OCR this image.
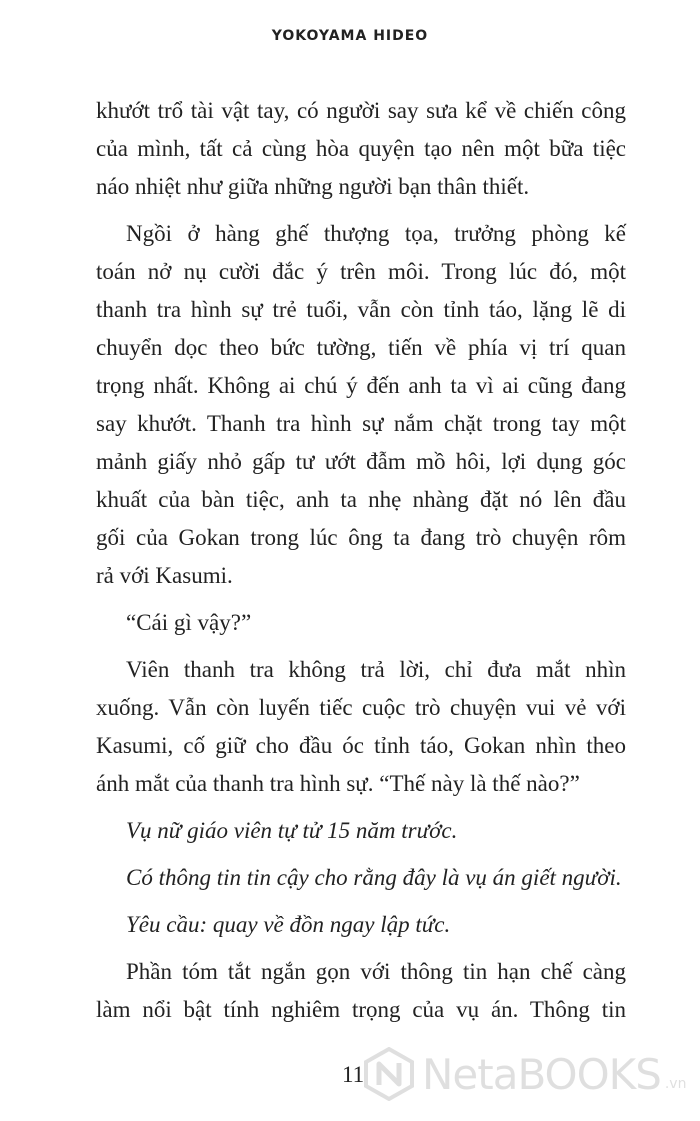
YOKOYAMA HIDEO

khướt trổ tài vật tay, có người say sưa kể về chiến công
của mình, tất cả cùng hòa quyện tạo nên một bữa tiệc
náo nhiệt như giữa những người bạn thân thiết.

Ngồi ở hàng ghế thượng tọa, trưởng phòng kế
toán nở nụ cười đắc ý trên môi. Trong lúc đó, một
thanh tra hình sự trẻ tuổi, vẫn còn tỉnh táo, lặng lẽ di
chuyển dọc theo bức tường, tiến về phía vị trí quan
trọng nhất. Không ai chú ý đến anh ta vì ai cũng đang
say khướt. Thanh tra hình sự nắm chặt trong tay một
mảnh giấy nhỏ gấp tư ướt đẫm mồ hôi, lợi dụng góc
khuất của bàn tiệc, anh ta nhẹ nhàng đặt nó lên đầu
gối của Gokan trong lúc ông ta đang trò chuyện rôm
rả với Kasumi.

“Cái gì vậy?”

Viên thanh tra không trả lời, chỉ đưa mắt nhìn
xuống. Vẫn còn luyến tiếc cuộc trò chuyện vui vẻ với
Kasumi, cố giữ cho đầu óc tỉnh táo, Gokan nhìn theo
ánh mắt của thanh tra hình sự. “Thế này là thế nào?”

Vụ nữ giáo viên tự tử 15 năm trước.

Có thông tin tin cậy cho rằng đây là vụ án giết người.

Yêu cầu: quay về đồn ngay lập tức.

Phần tóm tắt ngắn gọn với thông tin hạn chế càng
làm nổi bật tính nghiêm trọng của vụ án. Thông tin

11 NetaBOOKS .vn
